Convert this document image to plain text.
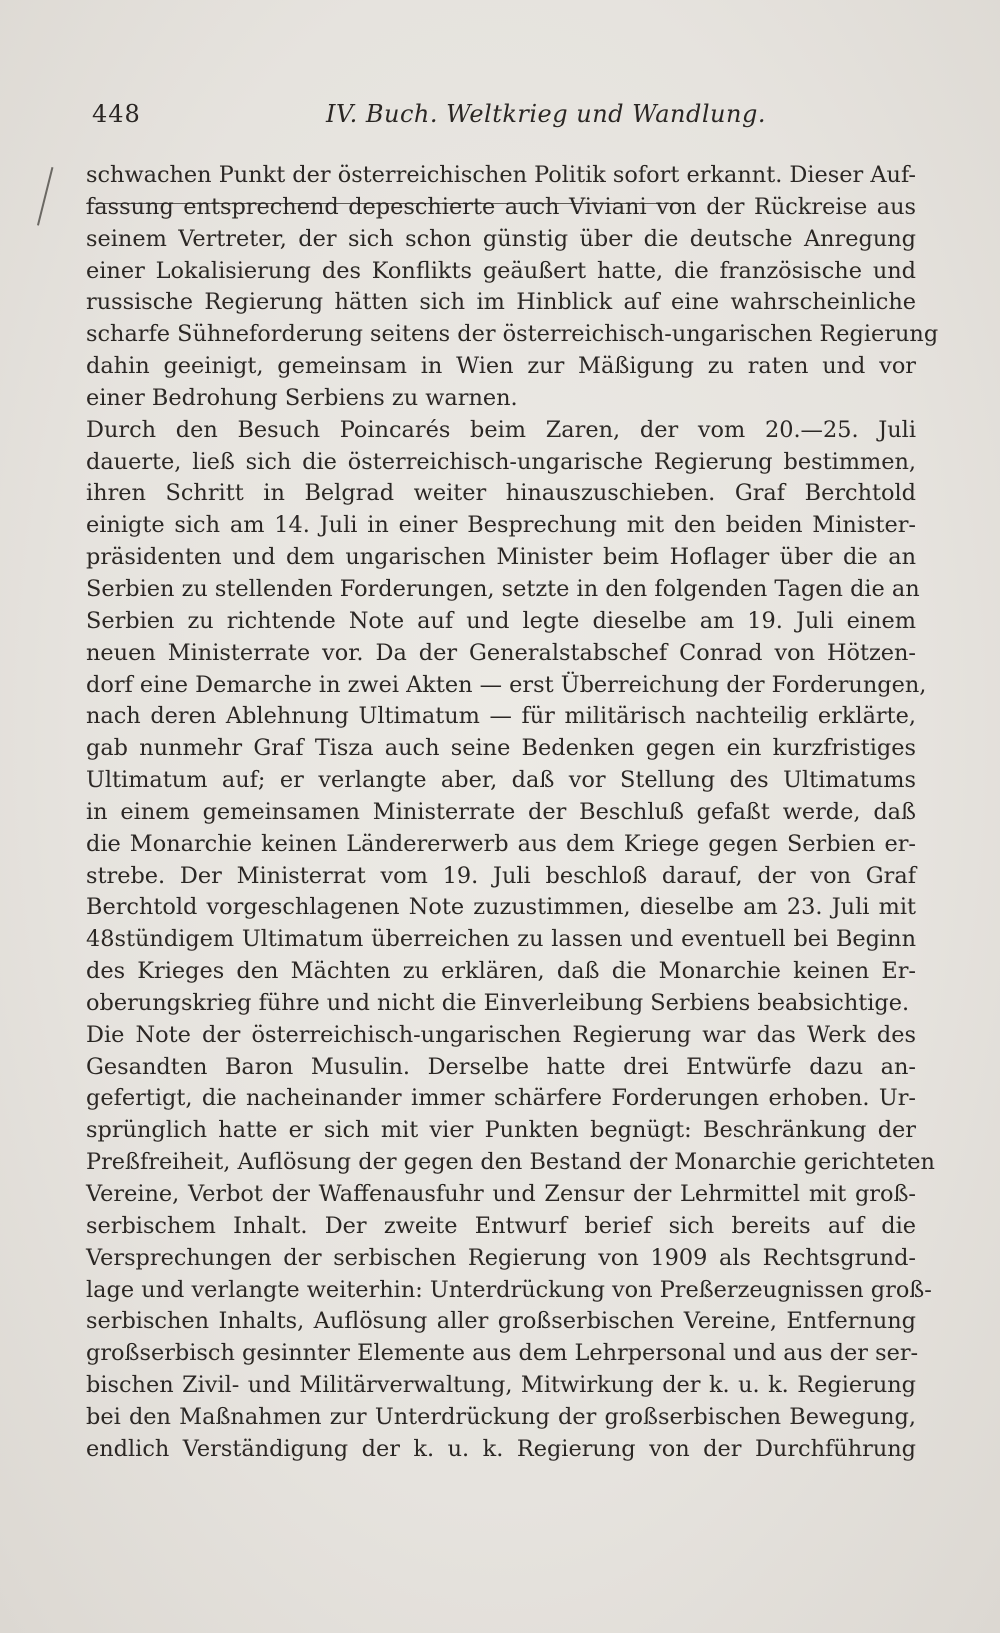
448	IV. Buch. Weltkrieg und Wandlung.
schwachen Punkt der österreichischen Politik sofort erkannt. Dieser Auf-
fassung entsprechend depeschierte auch Viviani von der Rückreise aus
seinem Vertreter, der sich schon günstig über die deutsche Anregung
einer Lokalisierung des Konflikts geäußert hatte, die französische und
russische Regierung hätten sich im Hinblick auf eine wahrscheinliche
scharfe Sühneforderung seitens der österreichisch-ungarischen Regierung
dahin geeinigt, gemeinsam in Wien zur Mäßigung zu raten und vor
einer Bedrohung Serbiens zu warnen.
Durch den Besuch Poincarés beim Zaren, der vom 20.—25. Juli
dauerte, ließ sich die österreichisch-ungarische Regierung bestimmen,
ihren Schritt in Belgrad weiter hinauszuschieben. Graf Berchtold
einigte sich am 14. Juli in einer Besprechung mit den beiden Minister-
präsidenten und dem ungarischen Minister beim Hoflager über die an
Serbien zu stellenden Forderungen, setzte in den folgenden Tagen die an
Serbien zu richtende Note auf und legte dieselbe am 19. Juli einem
neuen Ministerrate vor. Da der Generalstabschef Conrad von Hötzen-
dorf eine Demarche in zwei Akten — erst Überreichung der Forderungen,
nach deren Ablehnung Ultimatum — für militärisch nachteilig erklärte,
gab nunmehr Graf Tisza auch seine Bedenken gegen ein kurzfristiges
Ultimatum auf; er verlangte aber, daß vor Stellung des Ultimatums
in einem gemeinsamen Ministerrate der Beschluß gefaßt werde, daß
die Monarchie keinen Ländererwerb aus dem Kriege gegen Serbien er-
strebe. Der Ministerrat vom 19. Juli beschloß darauf, der von Graf
Berchtold vorgeschlagenen Note zuzustimmen, dieselbe am 23. Juli mit
48stündigem Ultimatum überreichen zu lassen und eventuell bei Beginn
des Krieges den Mächten zu erklären, daß die Monarchie keinen Er-
oberungskrieg führe und nicht die Einverleibung Serbiens beabsichtige.
Die Note der österreichisch-ungarischen Regierung war das Werk des
Gesandten Baron Musulin. Derselbe hatte drei Entwürfe dazu an-
gefertigt, die nacheinander immer schärfere Forderungen erhoben. Ur-
sprünglich hatte er sich mit vier Punkten begnügt: Beschränkung der
Preßfreiheit, Auflösung der gegen den Bestand der Monarchie gerichteten
Vereine, Verbot der Waffenausfuhr und Zensur der Lehrmittel mit groß-
serbischem Inhalt. Der zweite Entwurf berief sich bereits auf die
Versprechungen der serbischen Regierung von 1909 als Rechtsgrund-
lage und verlangte weiterhin: Unterdrückung von Preßerzeugnissen groß-
serbischen Inhalts, Auflösung aller großserbischen Vereine, Entfernung
großserbisch gesinnter Elemente aus dem Lehrpersonal und aus der ser-
bischen Zivil- und Militärverwaltung, Mitwirkung der k. u. k. Regierung
bei den Maßnahmen zur Unterdrückung der großserbischen Bewegung,
endlich Verständigung der k. u. k. Regierung von der Durchführung
